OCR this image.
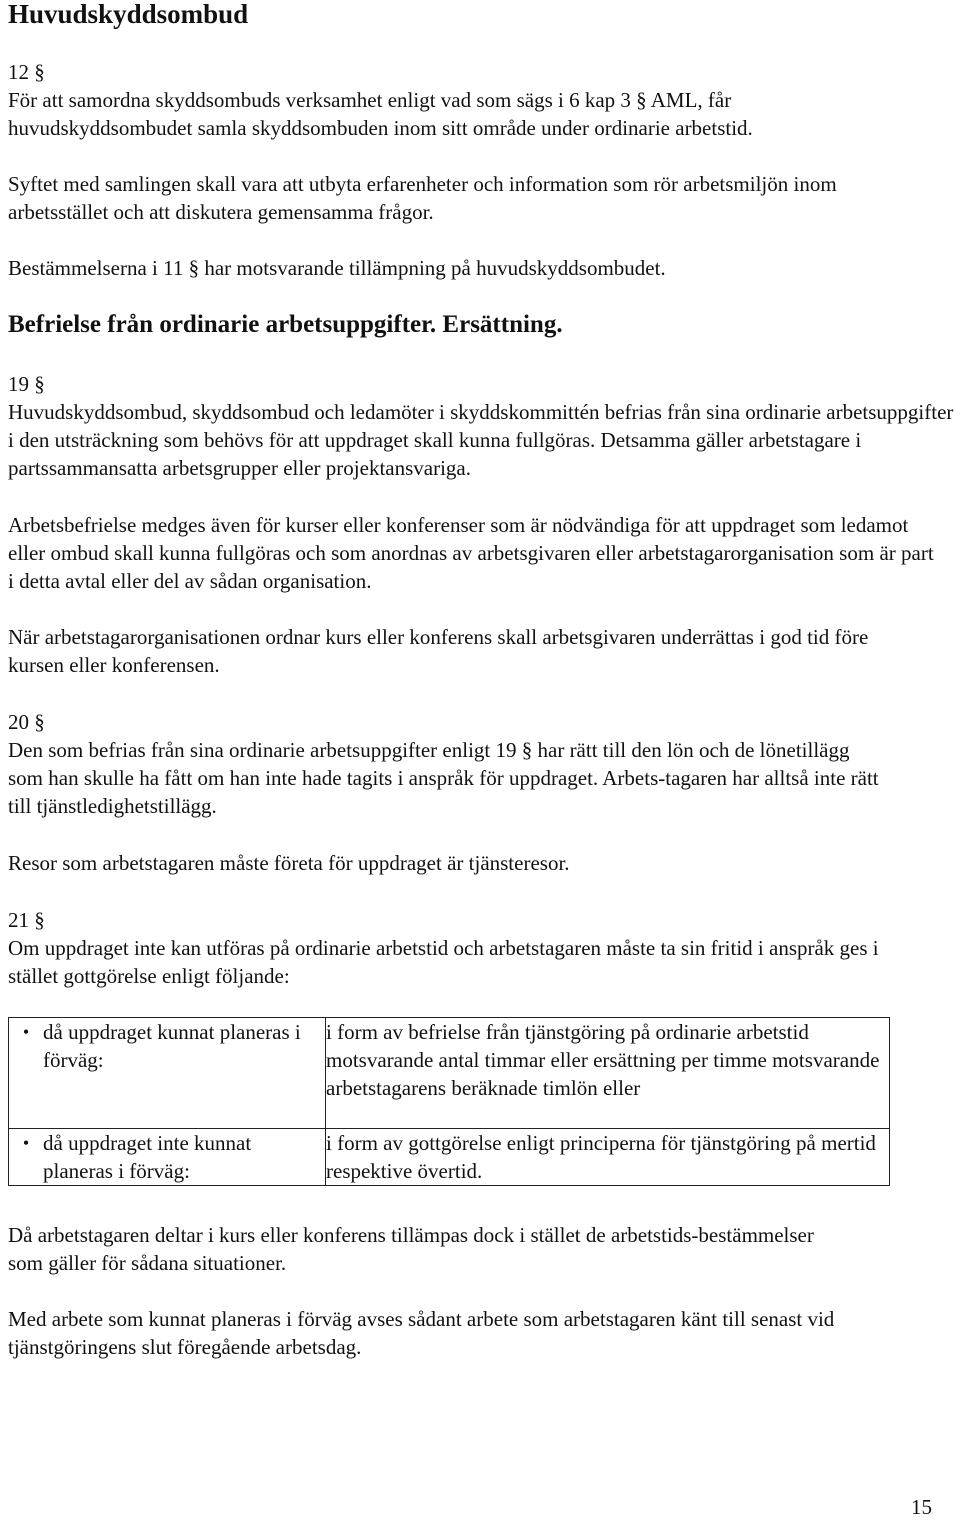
Huvudskyddsombud

12 §

För att samordna skyddsombuds verksamhet enligt vad som sägs i 6 kap 3 § AML, får huvudskyddsombudet samla skyddsombuden inom sitt område under ordinarie arbetstid.

Syftet med samlingen skall vara att utbyta erfarenheter och information som rör arbetsmiljön inom arbetsstället och att diskutera gemensamma frågor.

Bestämmelserna i 11 § har motsvarande tillämpning på huvudskyddsombudet.

Befrielse från ordinarie arbetsuppgifter. Ersättning.

19 §

Huvudskyddsombud, skyddsombud och ledamöter i skyddskommittén befrias från sina ordinarie arbetsuppgifter i den utsträckning som behövs för att uppdraget skall kunna fullgöras. Detsamma gäller arbetstagare i partssammansatta arbetsgrupper eller projektansvariga.

Arbetsbefrielse medges även för kurser eller konferenser som är nödvändiga för att uppdraget som ledamot eller ombud skall kunna fullgöras och som anordnas av arbetsgivaren eller arbetstagarorganisation som är part i detta avtal eller del av sådan organisation.

När arbetstagarorganisationen ordnar kurs eller konferens skall arbetsgivaren underrättas i god tid före kursen eller konferensen.

20 §

Den som befrias från sina ordinarie arbetsuppgifter enligt 19 § har rätt till den lön och de lönetillägg som han skulle ha fått om han inte hade tagits i anspråk för uppdraget. Arbets-tagaren har alltså inte rätt till tjänstledighetstillägg.

Resor som arbetstagaren måste företa för uppdraget är tjänsteresor.

21 §

Om uppdraget inte kan utföras på ordinarie arbetstid och arbetstagaren måste ta sin fritid i anspråk ges i stället gottgörelse enligt följande:

• då uppdraget kunnat planeras i förväg:	i form av befrielse från tjänstgöring på ordinarie arbetstid motsvarande antal timmar eller ersättning per timme motsvarande arbetstagarens beräknade timlön eller

• då uppdraget inte kunnat planeras i förväg:	i form av gottgörelse enligt principerna för tjänstgöring på mertid respektive övertid.

Då arbetstagaren deltar i kurs eller konferens tillämpas dock i stället de arbetstids-bestämmelser som gäller för sådana situationer.

Med arbete som kunnat planeras i förväg avses sådant arbete som arbetstagaren känt till senast vid tjänstgöringens slut föregående arbetsdag.

15
